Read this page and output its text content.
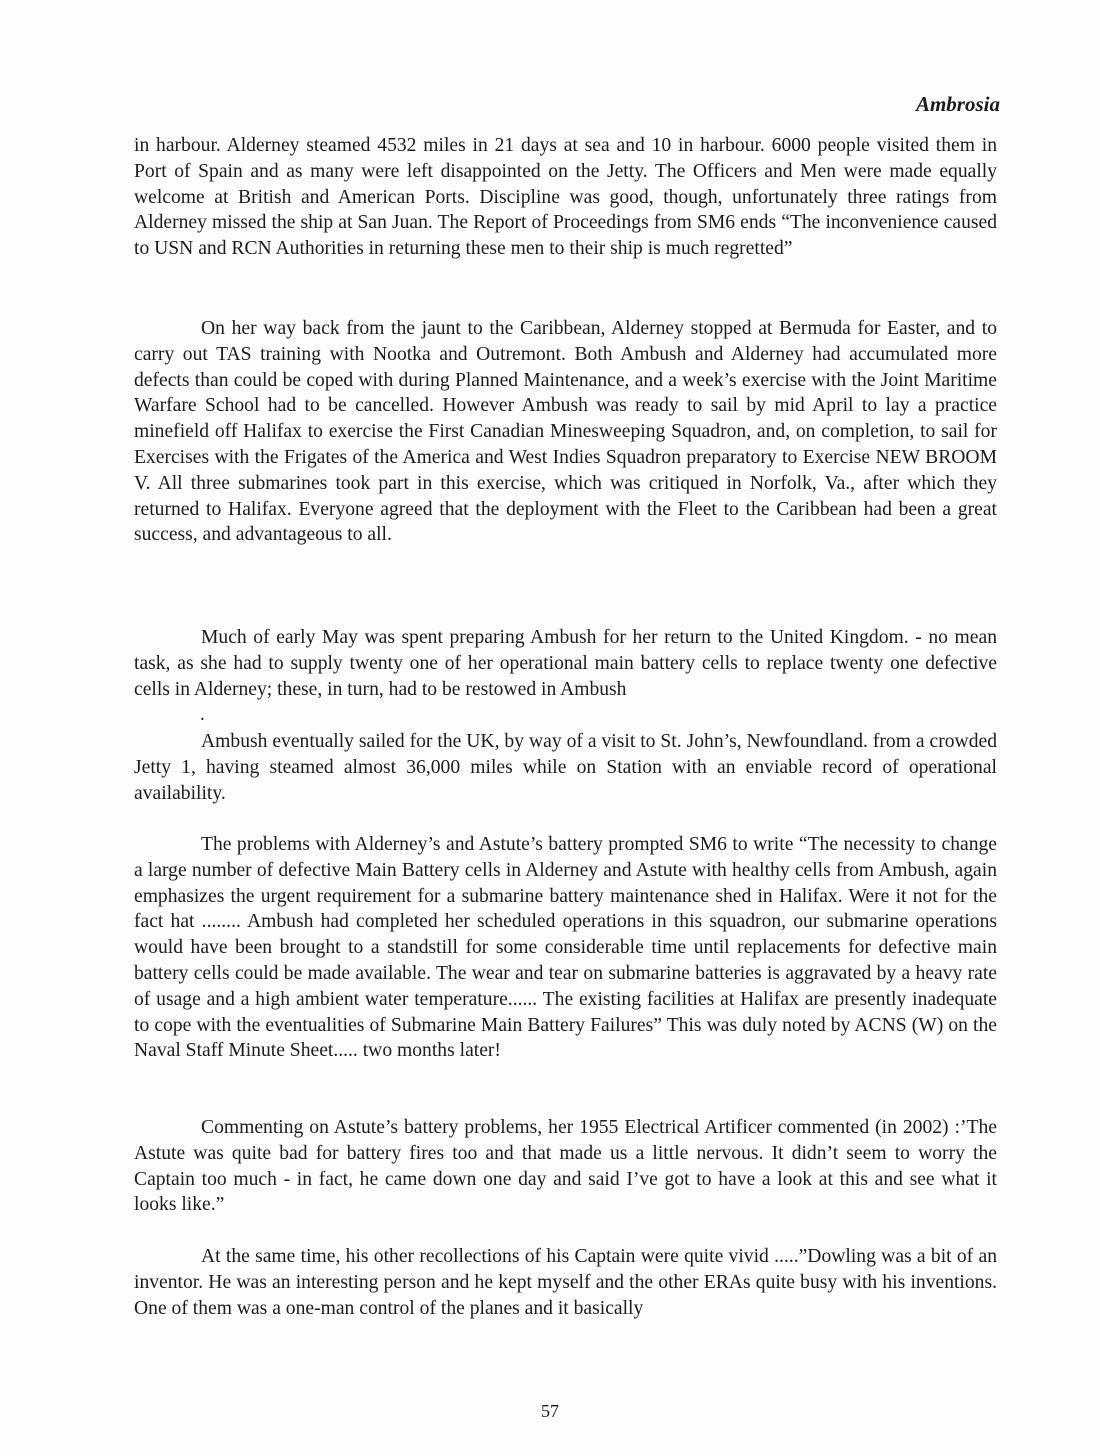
Ambrosia

in harbour. Alderney steamed 4532 miles in 21 days at sea and 10 in harbour. 6000 people visited them in Port of Spain and as many were left disappointed on the Jetty. The Officers and Men were made equally welcome at British and American Ports. Discipline was good, though, unfortunately three ratings from Alderney missed the ship at San Juan. The Report of Proceedings from SM6 ends “The inconvenience caused to USN and RCN Authorities in returning these men to their ship is much regretted”

On her way back from the jaunt to the Caribbean, Alderney stopped at Bermuda for Easter, and to carry out TAS training with Nootka and Outremont. Both Ambush and Alderney had accumulated more defects than could be coped with during Planned Maintenance, and a week’s exercise with the Joint Maritime Warfare School had to be cancelled. However Ambush was ready to sail by mid April to lay a practice minefield off Halifax to exercise the First Canadian Minesweeping Squadron, and, on completion, to sail for Exercises with the Frigates of the America and West Indies Squadron preparatory to Exercise NEW BROOM V. All three submarines took part in this exercise, which was critiqued in Norfolk, Va., after which they returned to Halifax. Everyone agreed that the deployment with the Fleet to the Caribbean had been a great success, and advantageous to all.

Much of early May was spent preparing Ambush for her return to the United Kingdom. - no mean task, as she had to supply twenty one of her operational main battery cells to replace twenty one defective cells in Alderney; these, in turn, had to be restowed in Ambush

.

Ambush eventually sailed for the UK, by way of a visit to St. John’s, Newfoundland. from a crowded Jetty 1, having steamed almost 36,000 miles while on Station with an enviable record of operational availability.

The problems with Alderney’s and Astute’s battery prompted SM6 to write “The necessity to change a large number of defective Main Battery cells in Alderney and Astute with healthy cells from Ambush, again emphasizes the urgent requirement for a submarine battery maintenance shed in Halifax. Were it not for the fact hat ........ Ambush had completed her scheduled operations in this squadron, our submarine operations would have been brought to a standstill for some considerable time until replacements for defective main battery cells could be made available. The wear and tear on submarine batteries is aggravated by a heavy rate of usage and a high ambient water temperature...... The existing facilities at Halifax are presently inadequate to cope with the eventualities of Submarine Main Battery Failures” This was duly noted by ACNS (W) on the Naval Staff Minute Sheet..... two months later!

Commenting on Astute’s battery problems, her 1955 Electrical Artificer commented (in 2002) :’The Astute was quite bad for battery fires too and that made us a little nervous. It didn’t seem to worry the Captain too much - in fact, he came down one day and said I’ve got to have a look at this and see what it looks like.”

At the same time, his other recollections of his Captain were quite vivid .....”Dowling was a bit of an inventor. He was an interesting person and he kept myself and the other ERAs quite busy with his inventions. One of them was a one-man control of the planes and it basically

57
